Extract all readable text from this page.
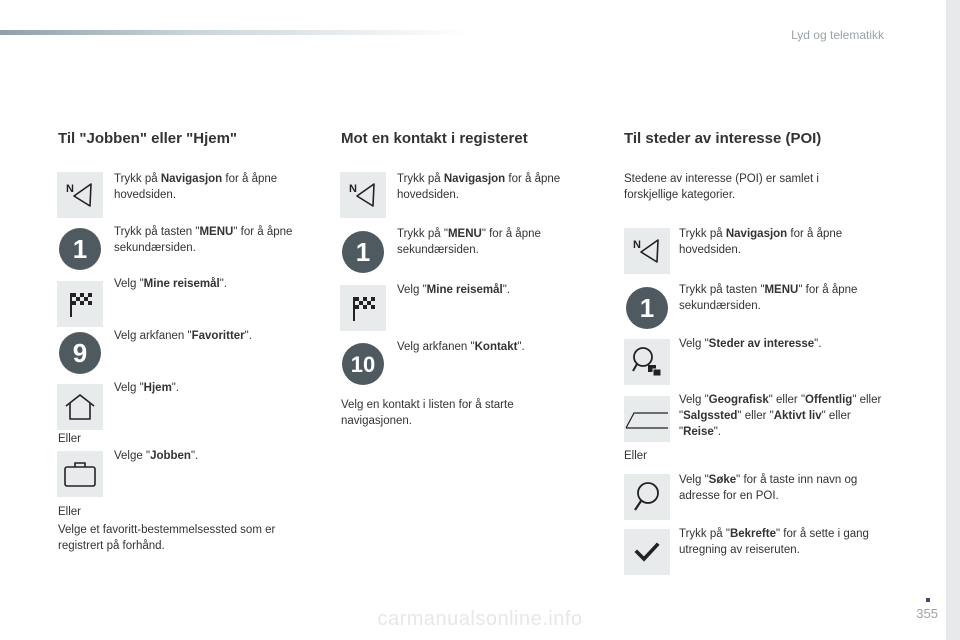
Lyd og telematikk
Til "Jobben" eller "Hjem"
N
Trykk på Navigasjon for å åpne hovedsiden.
1
Trykk på tasten "MENU" for å åpne sekundærsiden.
Velg "Mine reisemål".
9
Velg arkfanen "Favoritter".
Velg "Hjem".
Eller
Velge "Jobben".
Eller
Velge et favoritt-bestemmelsessted som er registrert på forhånd.
Mot en kontakt i registeret
N
Trykk på Navigasjon for å åpne hovedsiden.
1
Trykk på "MENU" for å åpne sekundærsiden.
Velg "Mine reisemål".
10
Velg arkfanen "Kontakt".
Velg en kontakt i listen for å starte navigasjonen.
Til steder av interesse (POI)
Stedene av interesse (POI) er samlet i forskjellige kategorier.
N
Trykk på Navigasjon for å åpne hovedsiden.
1
Trykk på tasten "MENU" for å åpne sekundærsiden.
Velg "Steder av interesse".
Velg "Geografisk" eller "Offentlig" eller "Salgssted" eller "Aktivt liv" eller "Reise".
Eller
Velg "Søke" for å taste inn navn og adresse for en POI.
Trykk på "Bekrefte" for å sette i gang utregning av reiseruten.
355
carmanualsonline.info
